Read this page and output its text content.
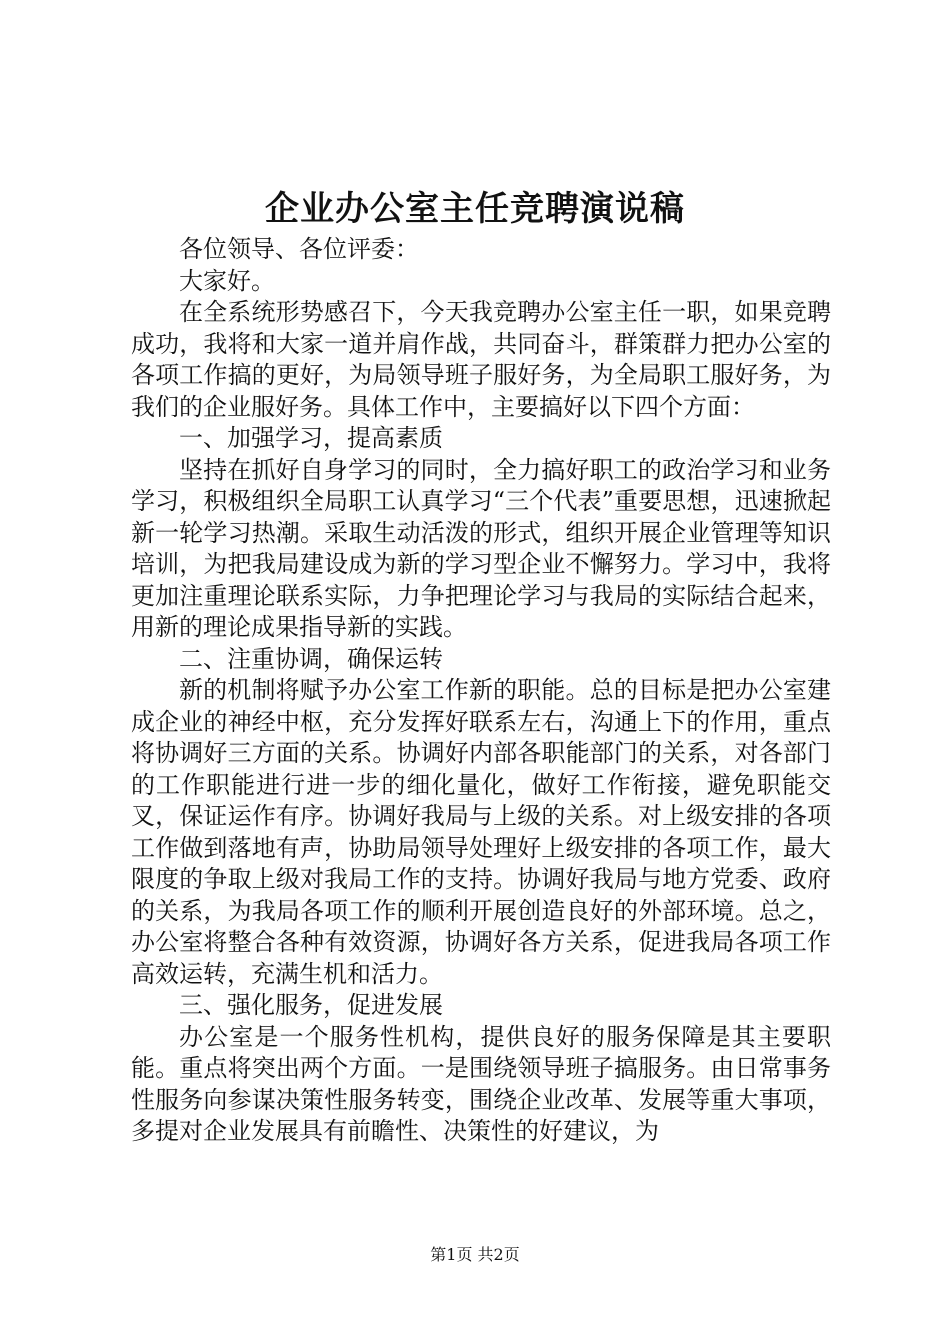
企业办公室主任竞聘演说稿

各位领导、各位评委：

大家好。

在全系统形势感召下，今天我竞聘办公室主任一职，如果竞聘成功，我将和大家一道并肩作战，共同奋斗，群策群力把办公室的各项工作搞的更好，为局领导班子服好务，为全局职工服好务，为我们的企业服好务。具体工作中，主要搞好以下四个方面：

一、加强学习，提高素质

坚持在抓好自身学习的同时，全力搞好职工的政治学习和业务学习，积极组织全局职工认真学习“三个代表”重要思想，迅速掀起新一轮学习热潮。采取生动活泼的形式，组织开展企业管理等知识培训，为把我局建设成为新的学习型企业不懈努力。学习中，我将更加注重理论联系实际，力争把理论学习与我局的实际结合起来，用新的理论成果指导新的实践。

二、注重协调，确保运转

新的机制将赋予办公室工作新的职能。总的目标是把办公室建成企业的神经中枢，充分发挥好联系左右，沟通上下的作用，重点将协调好三方面的关系。协调好内部各职能部门的关系，对各部门的工作职能进行进一步的细化量化，做好工作衔接，避免职能交叉，保证运作有序。协调好我局与上级的关系。对上级安排的各项工作做到落地有声，协助局领导处理好上级安排的各项工作，最大限度的争取上级对我局工作的支持。协调好我局与地方党委、政府的关系，为我局各项工作的顺利开展创造良好的外部环境。总之，办公室将整合各种有效资源，协调好各方关系，促进我局各项工作高效运转，充满生机和活力。

三、强化服务，促进发展

办公室是一个服务性机构，提供良好的服务保障是其主要职能。重点将突出两个方面。一是围绕领导班子搞服务。由日常事务性服务向参谋决策性服务转变，围绕企业改革、发展等重大事项，多提对企业发展具有前瞻性、决策性的好建议，为

第1页 共2页
